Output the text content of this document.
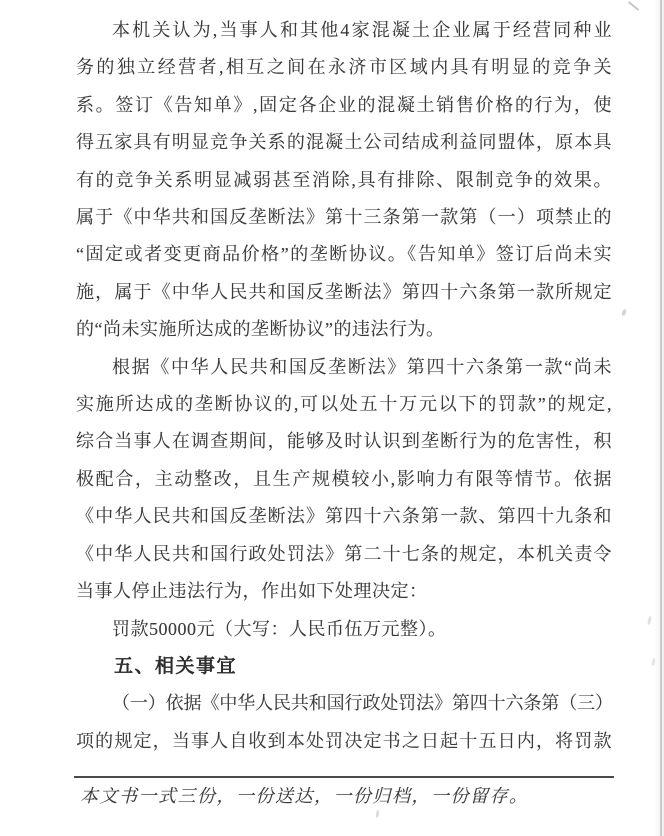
本机关认为,当事人和其他4家混凝土企业属于经营同种业
务的独立经营者,相互之间在永济市区域内具有明显的竞争关
系。签订《告知单》,固定各企业的混凝土销售价格的行为，使
得五家具有明显竞争关系的混凝土公司结成利益同盟体，原本具
有的竞争关系明显减弱甚至消除,具有排除、限制竞争的效果。
属于《中华共和国反垄断法》第十三条第一款第（一）项禁止的
“固定或者变更商品价格”的垄断协议。《告知单》签订后尚未实
施，属于《中华人民共和国反垄断法》第四十六条第一款所规定
的“尚未实施所达成的垄断协议”的违法行为。
根据《中华人民共和国反垄断法》第四十六条第一款“尚未
实施所达成的垄断协议的,可以处五十万元以下的罚款”的规定,
综合当事人在调查期间，能够及时认识到垄断行为的危害性，积
极配合，主动整改，且生产规模较小,影响力有限等情节。依据
《中华人民共和国反垄断法》第四十六条第一款、第四十九条和
《中华人民共和国行政处罚法》第二十七条的规定，本机关责令
当事人停止违法行为，作出如下处理决定：
罚款50000元（大写：人民币伍万元整）。
五、相关事宜
（一）依据《中华人民共和国行政处罚法》第四十六条第（三）
项的规定，当事人自收到本处罚决定书之日起十五日内，将罚款
本文书一式三份，一份送达，一份归档，一份留存。
